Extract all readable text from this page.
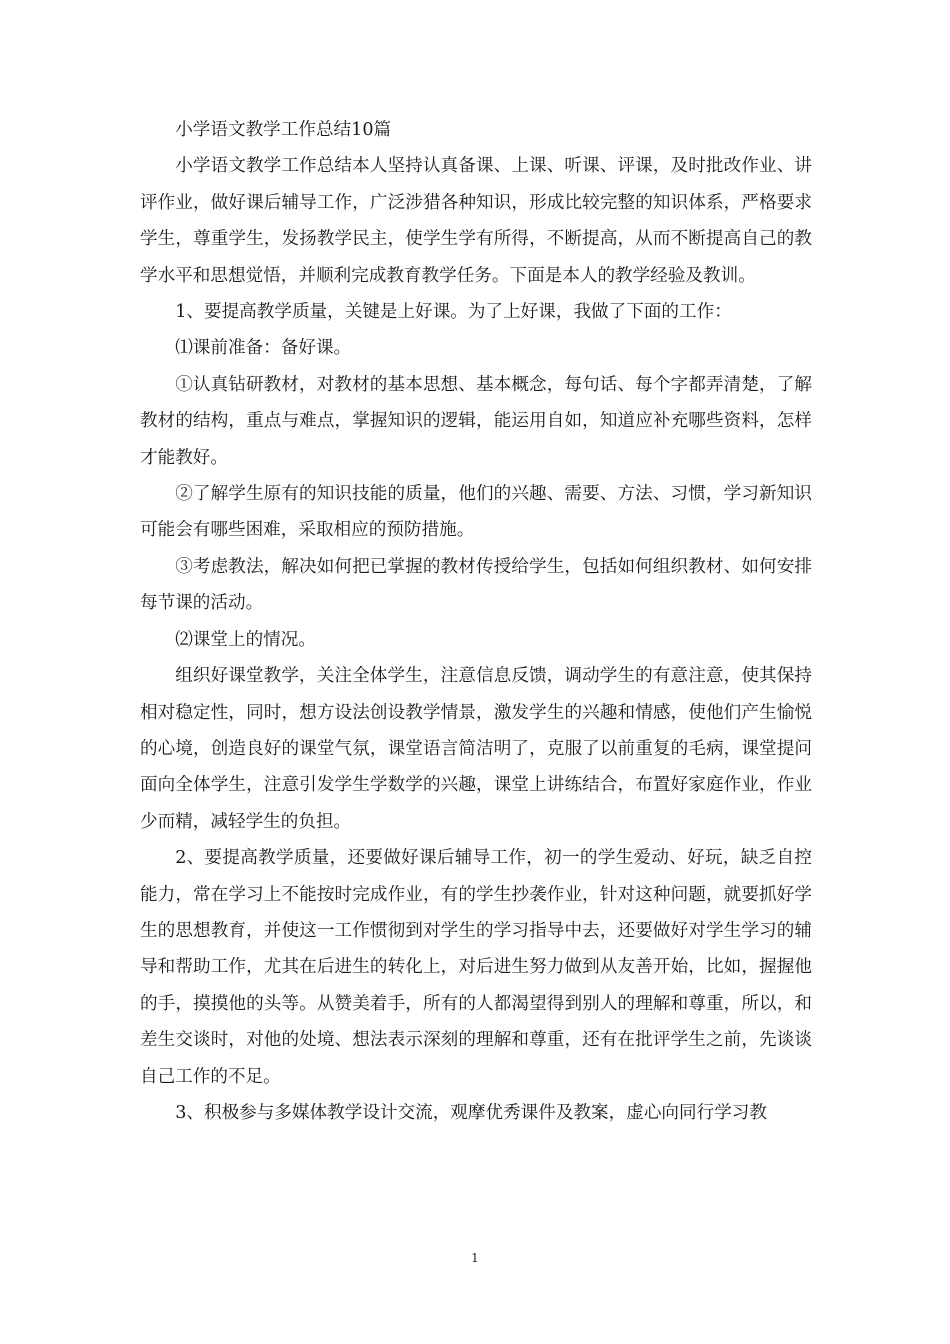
小学语文教学工作总结10篇

小学语文教学工作总结本人坚持认真备课、上课、听课、评课，及时批改作业、讲评作业，做好课后辅导工作，广泛涉猎各种知识，形成比较完整的知识体系，严格要求学生，尊重学生，发扬教学民主，使学生学有所得，不断提高，从而不断提高自己的教学水平和思想觉悟，并顺利完成教育教学任务。下面是本人的教学经验及教训。

1、要提高教学质量，关键是上好课。为了上好课，我做了下面的工作：

⑴课前准备：备好课。

①认真钻研教材，对教材的基本思想、基本概念，每句话、每个字都弄清楚，了解教材的结构，重点与难点，掌握知识的逻辑，能运用自如，知道应补充哪些资料，怎样才能教好。

②了解学生原有的知识技能的质量，他们的兴趣、需要、方法、习惯，学习新知识可能会有哪些困难，采取相应的预防措施。

③考虑教法，解决如何把已掌握的教材传授给学生，包括如何组织教材、如何安排每节课的活动。

⑵课堂上的情况。

组织好课堂教学，关注全体学生，注意信息反馈，调动学生的有意注意，使其保持相对稳定性，同时，想方设法创设教学情景，激发学生的兴趣和情感，使他们产生愉悦的心境，创造良好的课堂气氛，课堂语言简洁明了，克服了以前重复的毛病，课堂提问面向全体学生，注意引发学生学数学的兴趣，课堂上讲练结合，布置好家庭作业，作业少而精，减轻学生的负担。

2、要提高教学质量，还要做好课后辅导工作，初一的学生爱动、好玩，缺乏自控能力，常在学习上不能按时完成作业，有的学生抄袭作业，针对这种问题，就要抓好学生的思想教育，并使这一工作惯彻到对学生的学习指导中去，还要做好对学生学习的辅导和帮助工作，尤其在后进生的转化上，对后进生努力做到从友善开始，比如，握握他的手，摸摸他的头等。从赞美着手，所有的人都渴望得到别人的理解和尊重，所以，和差生交谈时，对他的处境、想法表示深刻的理解和尊重，还有在批评学生之前，先谈谈自己工作的不足。

3、积极参与多媒体教学设计交流，观摩优秀课件及教案，虚心向同行学习教

1
